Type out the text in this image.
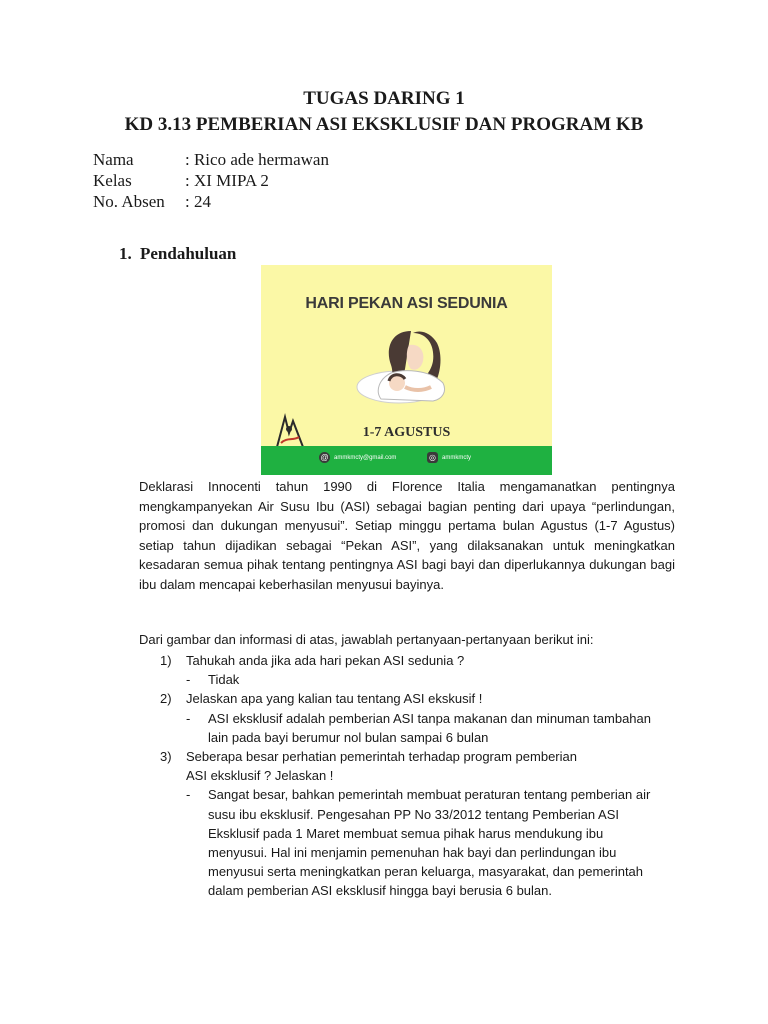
TUGAS DARING 1
KD 3.13 PEMBERIAN ASI EKSKLUSIF DAN PROGRAM KB
Nama	: Rico ade hermawan
Kelas	: XI MIPA 2
No. Absen	: 24
1. Pendahuluan
HARI PEKAN ASI SEDUNIA
1-7 AGUSTUS
@ ammkmcty@gmail.com	◎	ammkmcty
Deklarasi Innocenti tahun 1990 di Florence Italia mengamanatkan pentingnya mengkampanyekan Air Susu Ibu (ASI) sebagai bagian penting dari upaya “perlindungan, promosi dan dukungan menyusui”. Setiap minggu pertama bulan Agustus (1-7 Agustus) setiap tahun dijadikan sebagai “Pekan ASI”, yang dilaksanakan untuk meningkatkan kesadaran semua pihak tentang pentingnya ASI bagi bayi dan diperlukannya dukungan bagi ibu dalam mencapai keberhasilan menyusui bayinya.
Dari gambar dan informasi di atas, jawablah pertanyaan-pertanyaan berikut ini:
1)	Tahukah anda jika ada hari pekan ASI sedunia ?
-	Tidak
2)	Jelaskan apa yang kalian tau tentang ASI ekskusif !
-	ASI eksklusif adalah pemberian ASI tanpa makanan dan minuman tambahan lain pada bayi berumur nol bulan sampai 6 bulan
3)	Seberapa besar perhatian pemerintah terhadap program pemberian ASI eksklusif ? Jelaskan !
-	Sangat besar, bahkan pemerintah membuat peraturan tentang pemberian air susu ibu eksklusif. Pengesahan PP No 33/2012 tentang Pemberian ASI Eksklusif pada 1 Maret membuat semua pihak harus mendukung ibu menyusui. Hal ini menjamin pemenuhan hak bayi dan perlindungan ibu menyusui serta meningkatkan peran keluarga, masyarakat, dan pemerintah dalam pemberian ASI eksklusif hingga bayi berusia 6 bulan.
